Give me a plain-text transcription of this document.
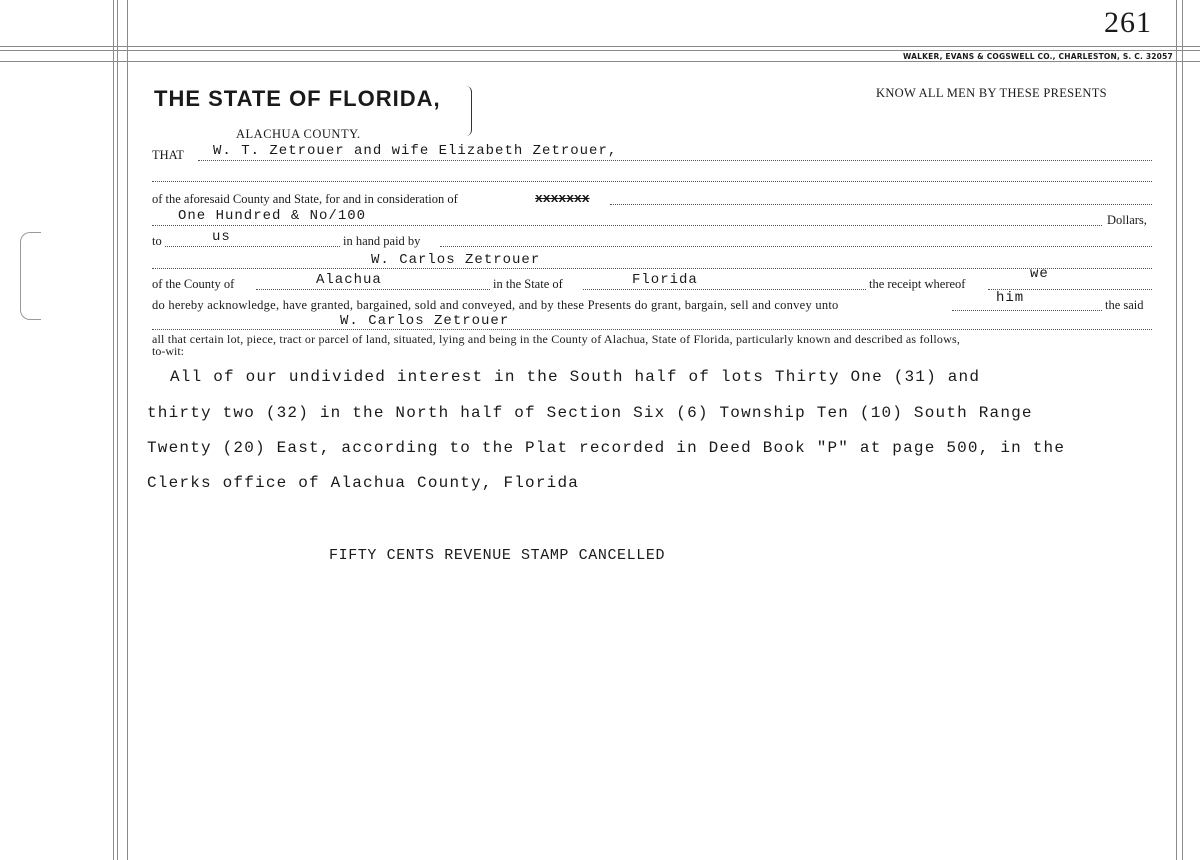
261
WALKER, EVANS & COGSWELL CO., CHARLESTON, S. C. 32057
THE STATE OF FLORIDA,
ALACHUA COUNTY.
KNOW ALL MEN BY THESE PRESENTS
THAT W. T. Zetrouer and wife Elizabeth Zetrouer,
of the aforesaid County and State, for and in consideration of	xxxxxxx
One Hundred & No/100	Dollars,
to	us	in hand paid by
W. Carlos Zetrouer
of the County of	Alachua	in the State of	Florida	the receipt whereof
we
do hereby acknowledge, have granted, bargained, sold and conveyed, and by these Presents do grant, bargain, sell and convey unto	him	the said
W. Carlos Zetrouer
all that certain lot, piece, tract or parcel of land, situated, lying and being in the County of Alachua, State of Florida, particularly known and described as follows,
to-wit:
All of our undivided interest in the South half of lots Thirty One (31) and
thirty two (32) in the North half of Section Six (6) Township Ten (10) South Range
Twenty (20) East, according to the Plat recorded in Deed Book "P" at page 500, in the
Clerks office of Alachua County, Florida
FIFTY CENTS REVENUE STAMP CANCELLED
